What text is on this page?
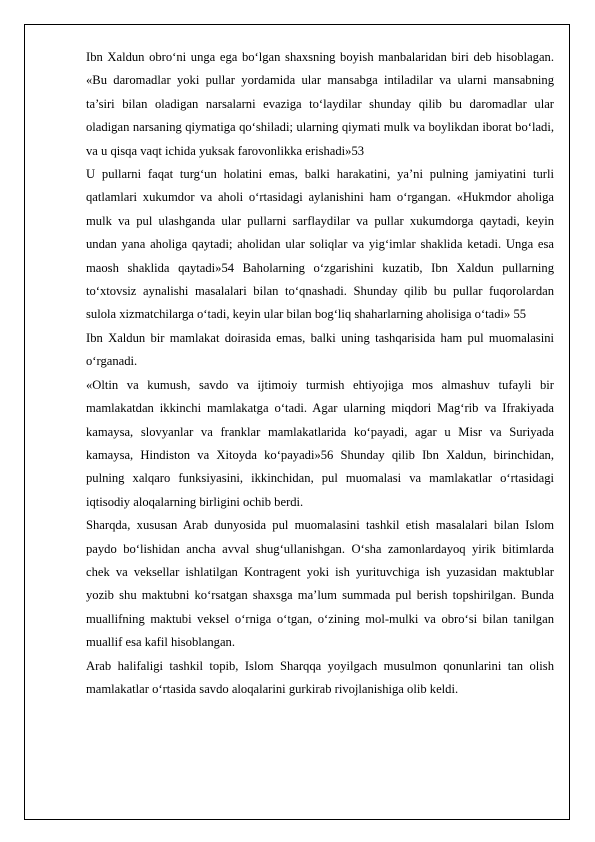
Ibn Xaldun obro‘ni unga ega bo‘lgan shaxsning boyish manbalaridan biri deb hisoblagan. «Bu daromadlar yoki pullar yordamida ular mansabga intiladilar va ularni mansabning ta’siri bilan oladigan narsalarni evaziga to‘laydilar shunday qilib bu daromadlar ular oladigan narsaning qiymatiga qo‘shiladi; ularning qiymati mulk va boylikdan iborat bo‘ladi, va u qisqa vaqt ichida yuksak farovonlikka erishadi»53

U pullarni faqat turg‘un holatini emas, balki harakatini, ya’ni pulning jamiyatini turli qatlamlari xukumdor va aholi o‘rtasidagi aylanishini ham o‘rgangan. «Hukmdor aholiga mulk va pul ulashganda ular pullarni sarflaydilar va pullar xukumdorga qaytadi, keyin undan yana aholiga qaytadi; aholidan ular soliqlar va yig‘imlar shaklida ketadi. Unga esa maosh shaklida qaytadi»54 Baholarning o‘zgarishini kuzatib, Ibn Xaldun pullarning to‘xtovsiz aynalishi masalalari bilan to‘qnashadi. Shunday qilib bu pullar fuqorolardan sulola xizmatchilarga o‘tadi, keyin ular bilan bog‘liq shaharlarning aholisiga o‘tadi» 55

Ibn Xaldun bir mamlakat doirasida emas, balki uning tashqarisida ham pul muomalasini o‘rganadi.

«Oltin va kumush, savdo va ijtimoiy turmish ehtiyojiga mos almashuv tufayli bir mamlakatdan ikkinchi mamlakatga o‘tadi. Agar ularning miqdori Mag‘rib va Ifrakiyada kamaysa, slovyanlar va franklar mamlakatlarida ko‘payadi, agar u Misr va Suriyada kamaysa, Hindiston va Xitoyda ko‘payadi»56 Shunday qilib Ibn Xaldun, birinchidan, pulning xalqaro funksiyasini, ikkinchidan, pul muomalasi va mamlakatlar o‘rtasidagi iqtisodiy aloqalarning birligini ochib berdi.

Sharqda, xususan Arab dunyosida pul muomalasini tashkil etish masalalari bilan Islom paydo bo‘lishidan ancha avval shug‘ullanishgan. O‘sha zamonlardayoq yirik bitimlarda chek va veksellar ishlatilgan Kontragent yoki ish yurituvchiga ish yuzasidan maktublar yozib shu maktubni ko‘rsatgan shaxsga ma’lum summada pul berish topshirilgan. Bunda muallifning maktubi veksel o‘rniga o‘tgan, o‘zining mol-mulki va obro‘si bilan tanilgan muallif esa kafil hisoblangan.

Arab halifaligi tashkil topib, Islom Sharqqa yoyilgach musulmon qonunlarini tan olish mamlakatlar o‘rtasida savdo aloqalarini gurkirab rivojlanishiga olib keldi.
